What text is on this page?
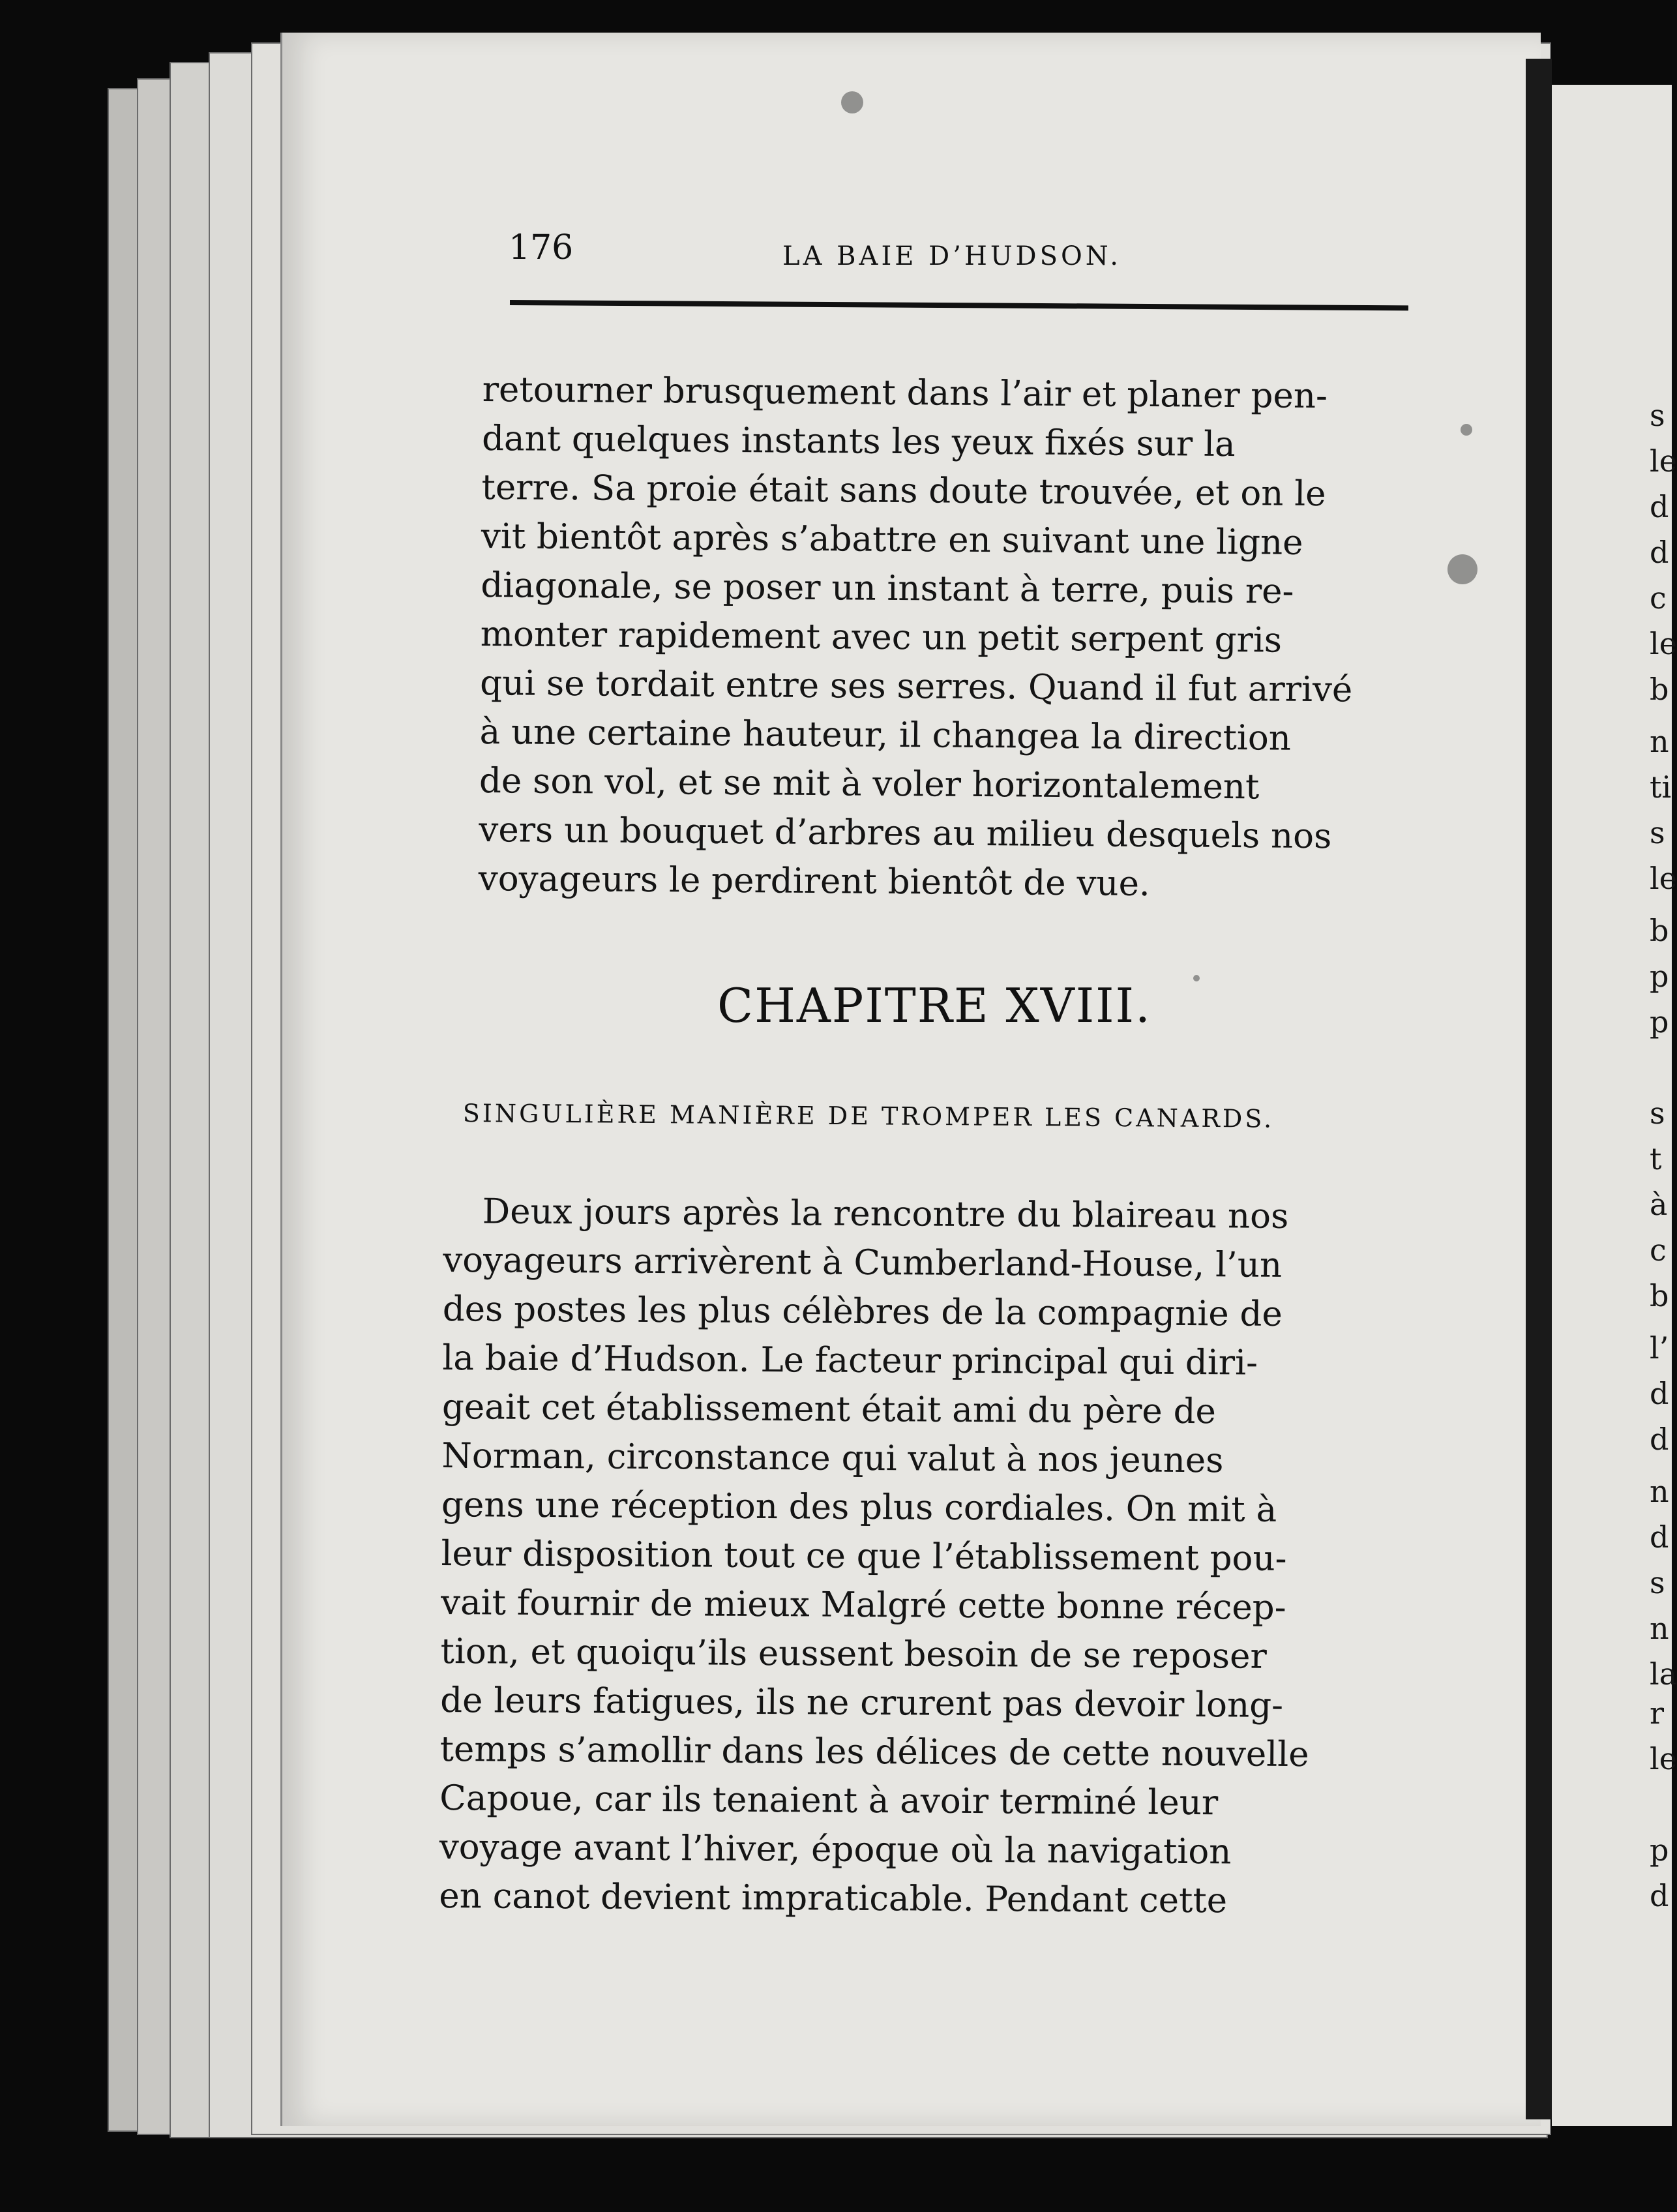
s
le
d
d
c
le
b
n
ti
s
le
b
p
p
s
t
à
c
b
l’
d
d
n
d
s
n
la
r
le
p
d
176	LA BAIE D’HUDSON.
retourner brusquement dans l’air et planer pen-
dant quelques instants les yeux fixés sur la
terre. Sa proie était sans doute trouvée, et on le
vit bientôt après s’abattre en suivant une ligne
diagonale, se poser un instant à terre, puis re-
monter rapidement avec un petit serpent gris
qui se tordait entre ses serres. Quand il fut arrivé
à une certaine hauteur, il changea la direction
de son vol, et se mit à voler horizontalement
vers un bouquet d’arbres au milieu desquels nos
voyageurs le perdirent bientôt de vue.
CHAPITRE XVIII.
SINGULIÈRE MANIÈRE DE TROMPER LES CANARDS.
Deux jours après la rencontre du blaireau nos
voyageurs arrivèrent à Cumberland-House, l’un
des postes les plus célèbres de la compagnie de
la baie d’Hudson. Le facteur principal qui diri-
geait cet établissement était ami du père de
Norman, circonstance qui valut à nos jeunes
gens une réception des plus cordiales. On mit à
leur disposition tout ce que l’établissement pou-
vait fournir de mieux Malgré cette bonne récep-
tion, et quoiqu’ils eussent besoin de se reposer
de leurs fatigues, ils ne crurent pas devoir long-
temps s’amollir dans les délices de cette nouvelle
Capoue, car ils tenaient à avoir terminé leur
voyage avant l’hiver, époque où la navigation
en canot devient impraticable. Pendant cette
